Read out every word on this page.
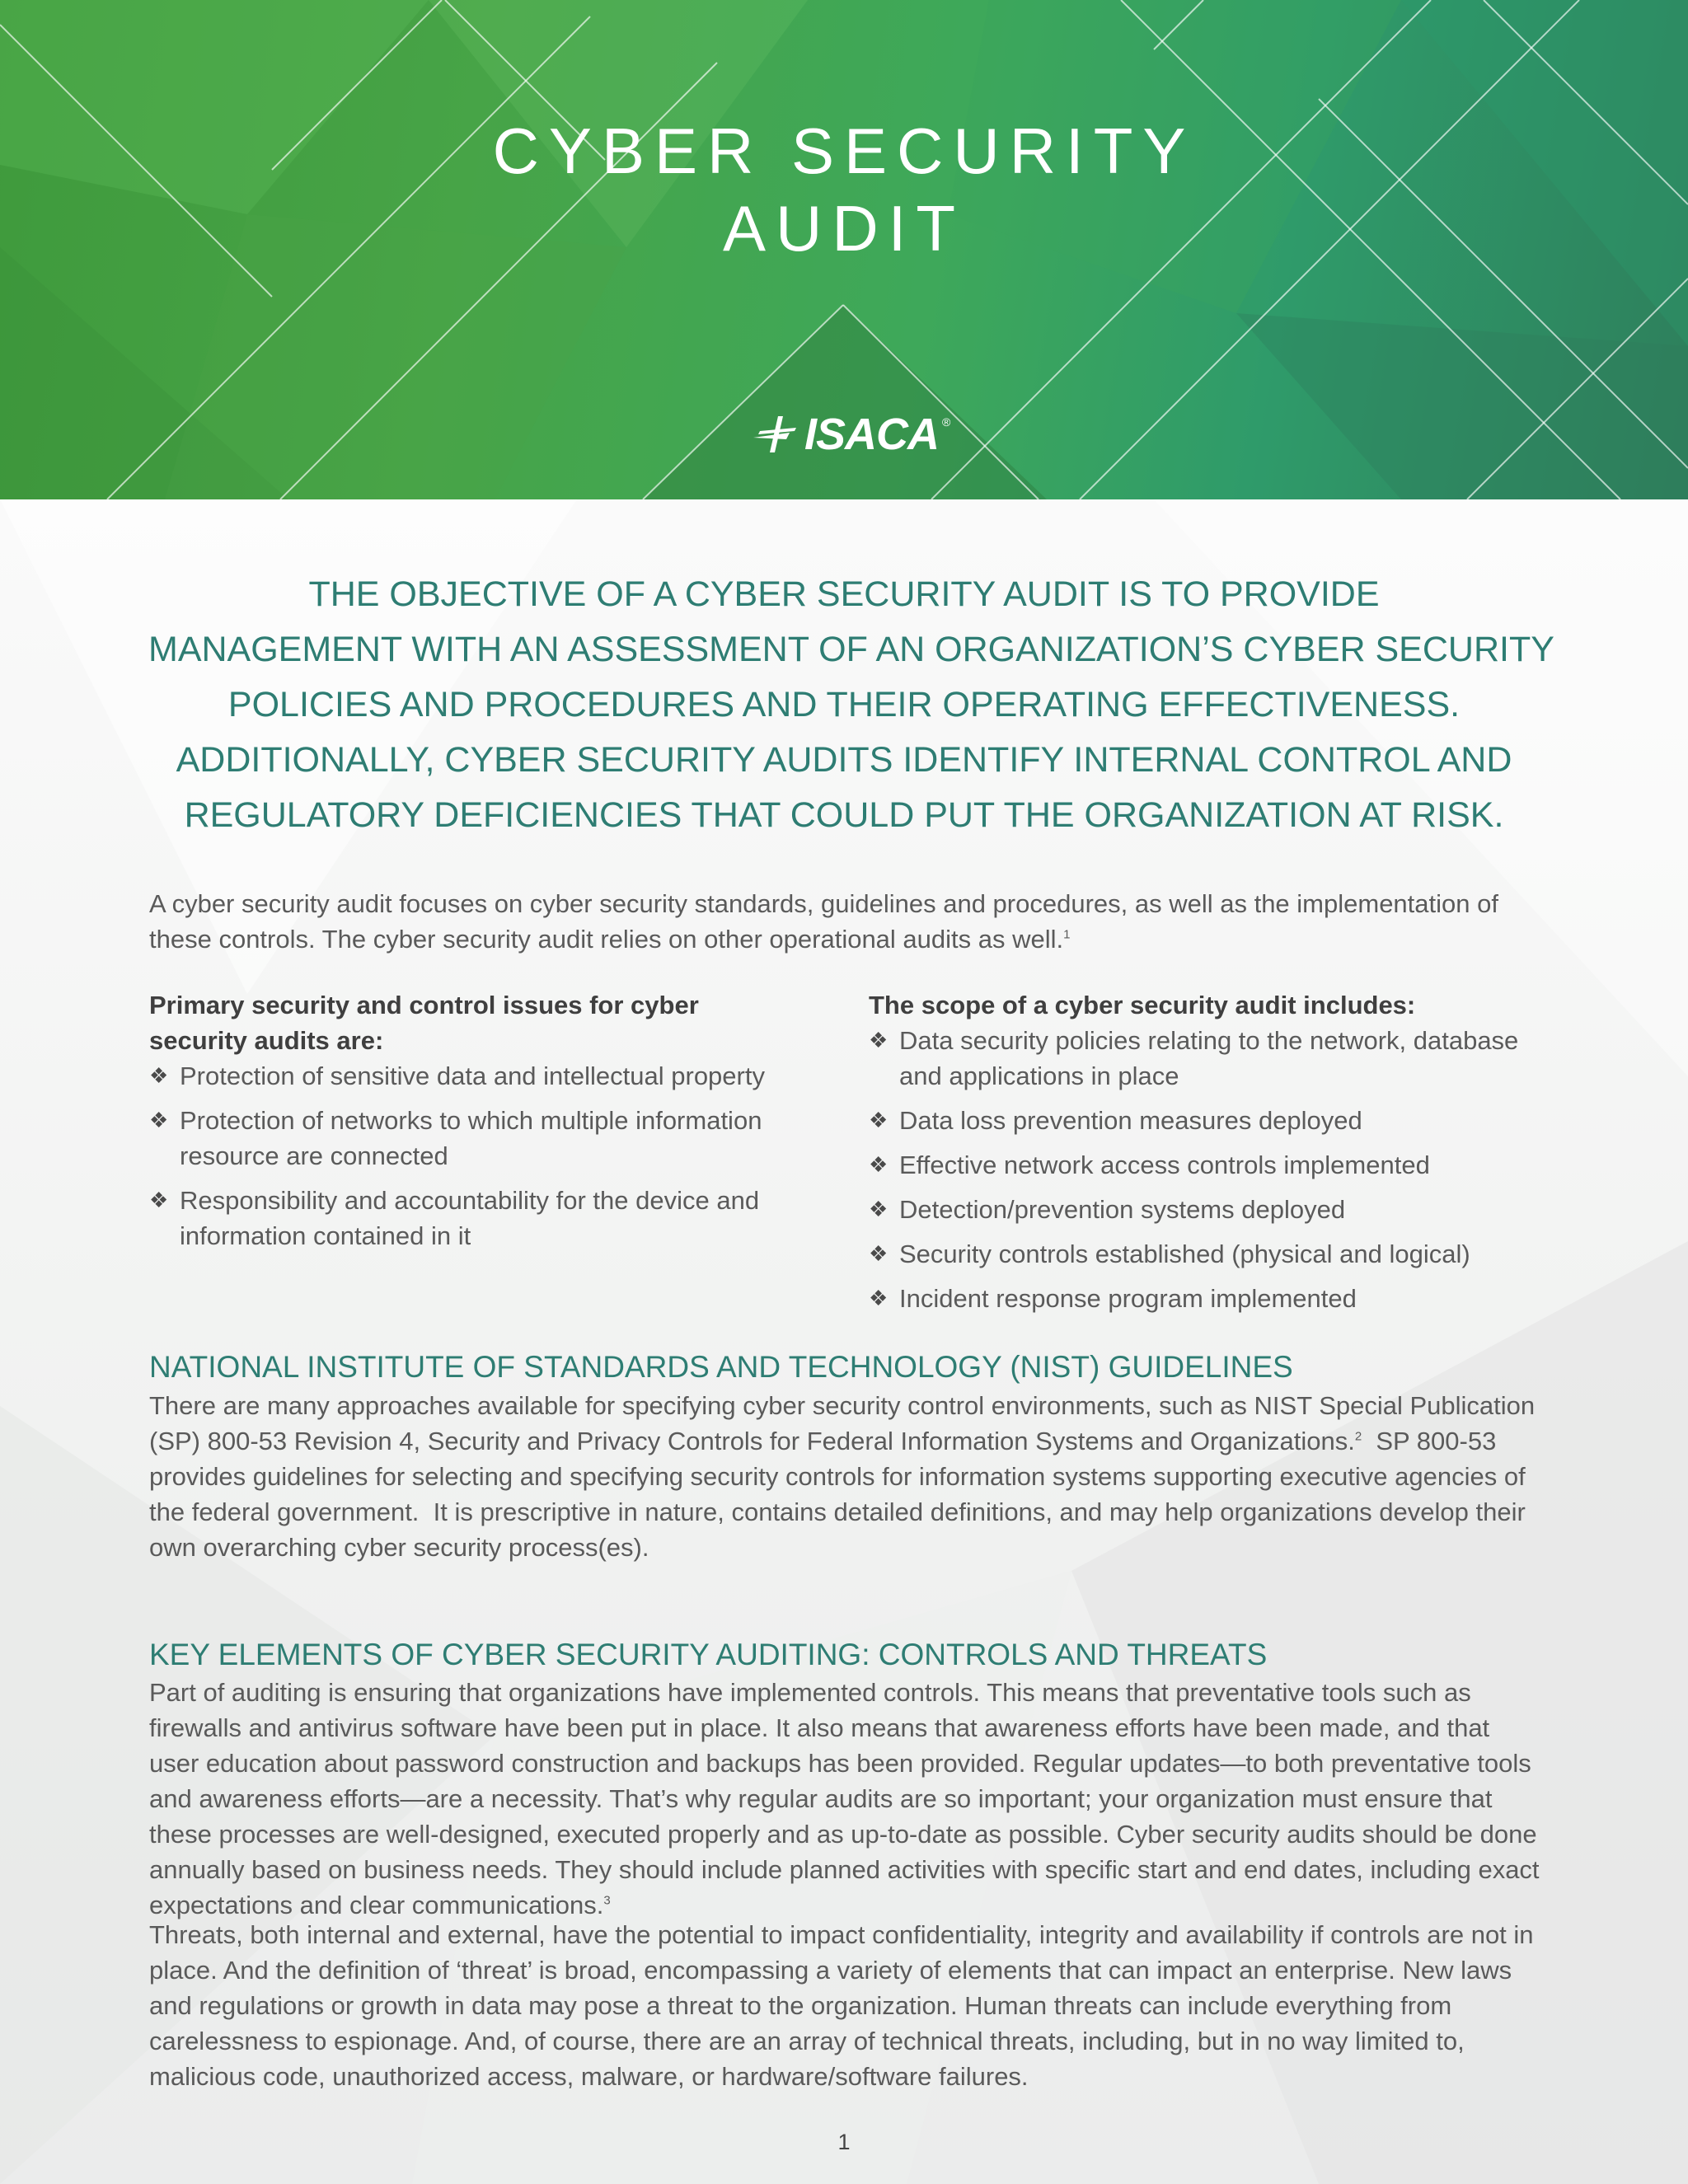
CYBER SECURITY
AUDIT
ISACA ®
THE OBJECTIVE OF A CYBER SECURITY AUDIT IS TO PROVIDE
MANAGEMENT WITH AN ASSESSMENT OF AN ORGANIZATION’S CYBER SECURITY
POLICIES AND PROCEDURES AND THEIR OPERATING EFFECTIVENESS.
ADDITIONALLY, CYBER SECURITY AUDITS IDENTIFY INTERNAL CONTROL AND
REGULATORY DEFICIENCIES THAT COULD PUT THE ORGANIZATION AT RISK.
A cyber security audit focuses on cyber security standards, guidelines and procedures, as well as the implementation of these controls. The cyber security audit relies on other operational audits as well.$^1$
Primary security and control issues for cyber security audits are:
❖ Protection of sensitive data and intellectual property
❖ Protection of networks to which multiple information resource are connected
❖ Responsibility and accountability for the device and information contained in it
The scope of a cyber security audit includes:
❖ Data security policies relating to the network, database and applications in place
❖ Data loss prevention measures deployed
❖ Effective network access controls implemented
❖ Detection/prevention systems deployed
❖ Security controls established (physical and logical)
❖ Incident response program implemented
NATIONAL INSTITUTE OF STANDARDS AND TECHNOLOGY (NIST) GUIDELINES
There are many approaches available for specifying cyber security control environments, such as NIST Special Publication (SP) 800-53 Revision 4, Security and Privacy Controls for Federal Information Systems and Organizations.$^2$  SP 800-53 provides guidelines for selecting and specifying security controls for information systems supporting executive agencies of the federal government.  It is prescriptive in nature, contains detailed definitions, and may help organizations develop their own overarching cyber security process(es).
KEY ELEMENTS OF CYBER SECURITY AUDITING: CONTROLS AND THREATS
Part of auditing is ensuring that organizations have implemented controls. This means that preventative tools such as firewalls and antivirus software have been put in place. It also means that awareness efforts have been made, and that user education about password construction and backups has been provided. Regular updates—to both preventative tools and awareness efforts—are a necessity. That’s why regular audits are so important; your organization must ensure that these processes are well-designed, executed properly and as up-to-date as possible. Cyber security audits should be done annually based on business needs. They should include planned activities with specific start and end dates, including exact expectations and clear communications.$^3$
Threats, both internal and external, have the potential to impact confidentiality, integrity and availability if controls are not in place. And the definition of ‘threat’ is broad, encompassing a variety of elements that can impact an enterprise. New laws and regulations or growth in data may pose a threat to the organization. Human threats can include everything from carelessness to espionage. And, of course, there are an array of technical threats, including, but in no way limited to, malicious code, unauthorized access, malware, or hardware/software failures.
1
